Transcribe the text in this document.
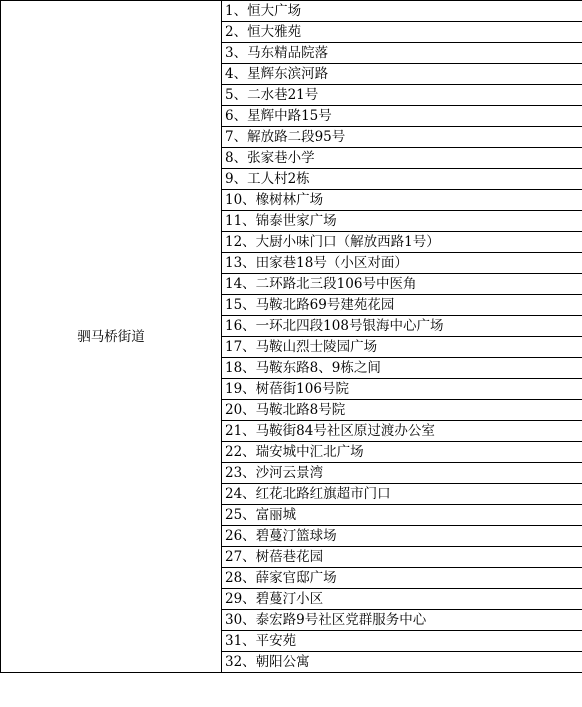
驷马桥街道	1、恒大广场
2、恒大雅苑
3、马东精品院落
4、星辉东滨河路
5、二水巷21号
6、星辉中路15号
7、解放路二段95号
8、张家巷小学
9、工人村2栋
10、橡树林广场
11、锦泰世家广场
12、大厨小味门口（解放西路1号）
13、田家巷18号（小区对面）
14、二环路北三段106号中医角
15、马鞍北路69号建苑花园
16、一环北四段108号银海中心广场
17、马鞍山烈士陵园广场
18、马鞍东路8、9栋之间
19、树蓓街106号院
20、马鞍北路8号院
21、马鞍街84号社区原过渡办公室
22、瑞安城中汇北广场
23、沙河云景湾
24、红花北路红旗超市门口
25、富丽城
26、碧蔓汀篮球场
27、树蓓巷花园
28、薛家官邸广场
29、碧蔓汀小区
30、泰宏路9号社区党群服务中心
31、平安苑
32、朝阳公寓
